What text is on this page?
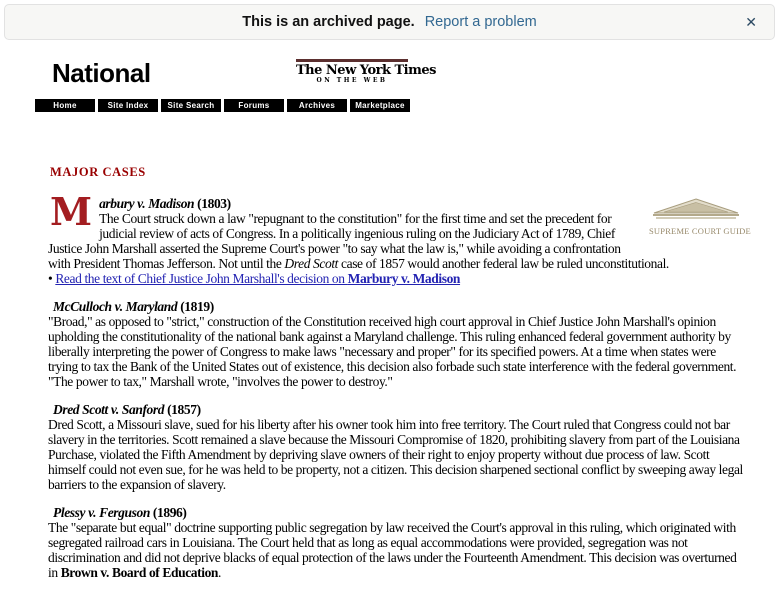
This is an archived page. Report a problem	✕
National	The New York Times
ON THE WEB
Home	Site Index	Site Search	Forums	Archives	Marketplace
MAJOR CASES
SUPREME COURT GUIDE
M arbury v. Madison (1803)
The Court struck down a law "repugnant to the constitution" for the first time and set the precedent for judicial review of acts of Congress. In a politically ingenious ruling on the Judiciary Act of 1789, Chief Justice John Marshall asserted the Supreme Court's power "to say what the law is," while avoiding a confrontation with President Thomas Jefferson. Not until the Dred Scott case of 1857 would another federal law be ruled unconstitutional.
• Read the text of Chief Justice John Marshall's decision on Marbury v. Madison
McCulloch v. Maryland (1819)
"Broad," as opposed to "strict," construction of the Constitution received high court approval in Chief Justice John Marshall's opinion upholding the constitutionality of the national bank against a Maryland challenge. This ruling enhanced federal government authority by liberally interpreting the power of Congress to make laws "necessary and proper" for its specified powers. At a time when states were trying to tax the Bank of the United States out of existence, this decision also forbade such state interference with the federal government. "The power to tax," Marshall wrote, "involves the power to destroy."
Dred Scott v. Sanford (1857)
Dred Scott, a Missouri slave, sued for his liberty after his owner took him into free territory. The Court ruled that Congress could not bar slavery in the territories. Scott remained a slave because the Missouri Compromise of 1820, prohibiting slavery from part of the Louisiana Purchase, violated the Fifth Amendment by depriving slave owners of their right to enjoy property without due process of law. Scott himself could not even sue, for he was held to be property, not a citizen. This decision sharpened sectional conflict by sweeping away legal barriers to the expansion of slavery.
Plessy v. Ferguson (1896)
The "separate but equal" doctrine supporting public segregation by law received the Court's approval in this ruling, which originated with segregated railroad cars in Louisiana. The Court held that as long as equal accommodations were provided, segregation was not discrimination and did not deprive blacks of equal protection of the laws under the Fourteenth Amendment. This decision was overturned in Brown v. Board of Education.
